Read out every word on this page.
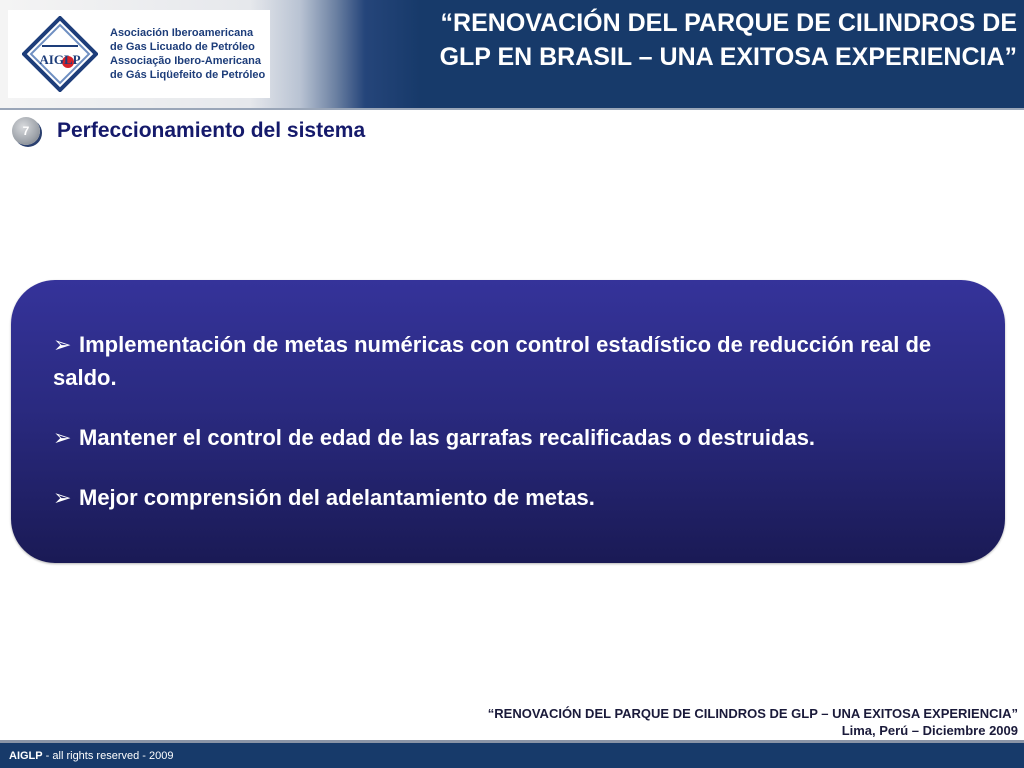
AIGLP
Asociación Iberoamericana
de Gas Licuado de Petróleo
Associação Ibero-Americana
de Gás Liqüefeito de Petróleo
“RENOVACIÓN DEL PARQUE DE CILINDROS DE
GLP EN BRASIL – UNA EXITOSA EXPERIENCIA”
7	Perfeccionamiento del sistema
➢ Implementación de metas numéricas con control estadístico de reducción real de saldo.
➢ Mantener el control de edad de las garrafas recalificadas o destruidas.
➢ Mejor comprensión del adelantamiento de metas.
“RENOVACIÓN DEL PARQUE DE CILINDROS DE GLP – UNA EXITOSA EXPERIENCIA”
Lima, Perú – Diciembre 2009
AIGLP - all rights reserved - 2009
